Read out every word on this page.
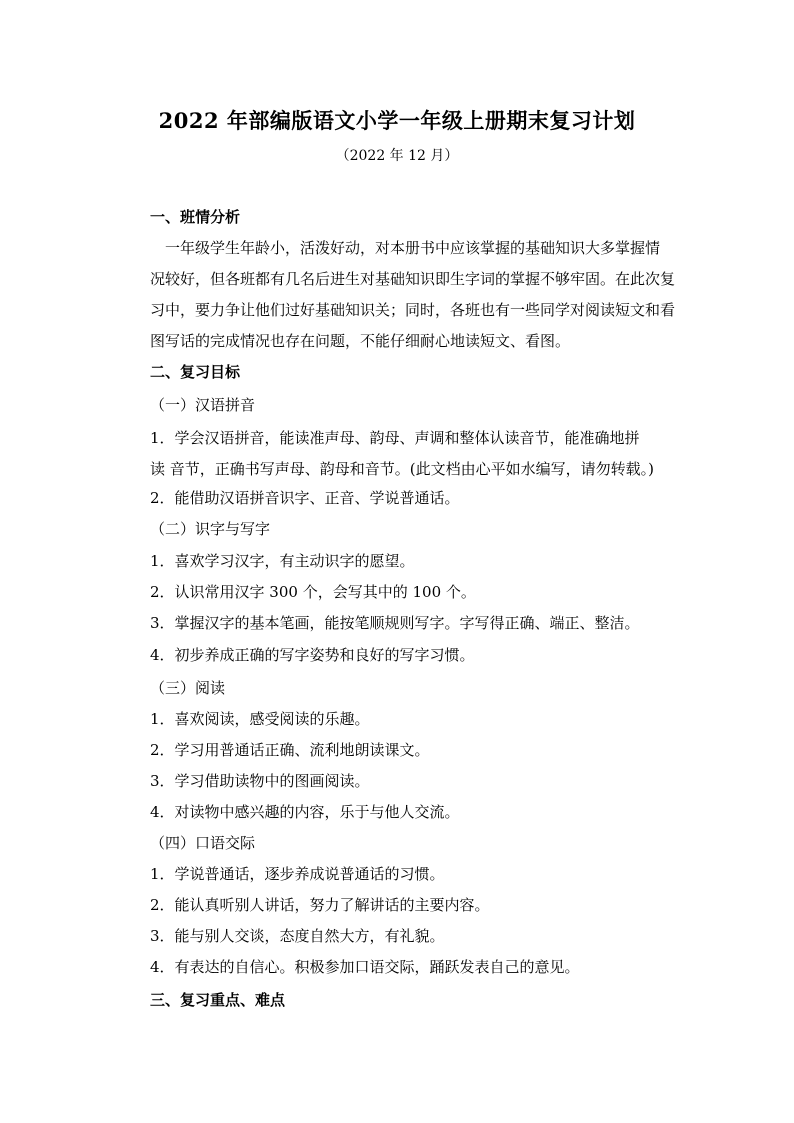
2022 年部编版语文小学一年级上册期末复习计划
（2022 年 12 月）
一、班情分析
　一年级学生年龄小，活泼好动，对本册书中应该掌握的基础知识大多掌握情
况较好，但各班都有几名后进生对基础知识即生字词的掌握不够牢固。在此次复
习中，要力争让他们过好基础知识关；同时，各班也有一些同学对阅读短文和看
图写话的完成情况也存在问题，不能仔细耐心地读短文、看图。
二、复习目标
（一）汉语拼音
1．学会汉语拼音，能读准声母、韵母、声调和整体认读音节，能准确地拼
读 音节，正确书写声母、韵母和音节。(此文档由心平如水编写，请勿转载。)
2．能借助汉语拼音识字、正音、学说普通话。
（二）识字与写字
1．喜欢学习汉字，有主动识字的愿望。
2．认识常用汉字 300 个，会写其中的 100 个。
3．掌握汉字的基本笔画，能按笔顺规则写字。字写得正确、端正、整洁。
4．初步养成正确的写字姿势和良好的写字习惯。
（三）阅读
1．喜欢阅读，感受阅读的乐趣。
2．学习用普通话正确、流利地朗读课文。
3．学习借助读物中的图画阅读。
4．对读物中感兴趣的内容，乐于与他人交流。
（四）口语交际
1．学说普通话，逐步养成说普通话的习惯。
2．能认真听别人讲话，努力了解讲话的主要内容。
3．能与别人交谈，态度自然大方，有礼貌。
4．有表达的自信心。积极参加口语交际，踊跃发表自己的意见。
三、复习重点、难点
